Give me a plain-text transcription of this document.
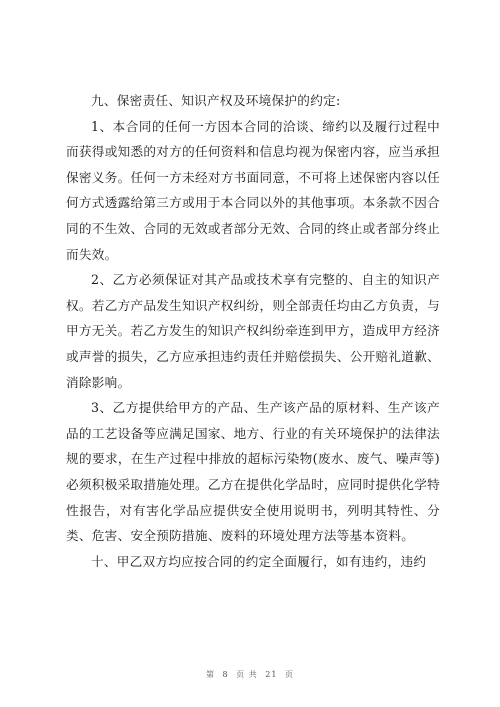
九、保密责任、知识产权及环境保护的约定:

1、本合同的任何一方因本合同的洽谈、缔约以及履行过程中而获得或知悉的对方的任何资料和信息均视为保密内容，应当承担保密义务。任何一方未经对方书面同意，不可将上述保密内容以任何方式透露给第三方或用于本合同以外的其他事项。本条款不因合同的不生效、合同的无效或者部分无效、合同的终止或者部分终止而失效。

2、乙方必须保证对其产品或技术享有完整的、自主的知识产权。若乙方产品发生知识产权纠纷，则全部责任均由乙方负责，与甲方无关。若乙方发生的知识产权纠纷牵连到甲方，造成甲方经济或声誉的损失，乙方应承担违约责任并赔偿损失、公开赔礼道歉、消除影响。

3、乙方提供给甲方的产品、生产该产品的原材料、生产该产品的工艺设备等应满足国家、地方、行业的有关环境保护的法律法规的要求，在生产过程中排放的超标污染物(废水、废气、噪声等)必须积极采取措施处理。乙方在提供化学品时，应同时提供化学特性报告，对有害化学品应提供安全使用说明书，列明其特性、分类、危害、安全预防措施、废料的环境处理方法等基本资料。

十、甲乙双方均应按合同的约定全面履行，如有违约，违约

第 8 页 共 21 页
